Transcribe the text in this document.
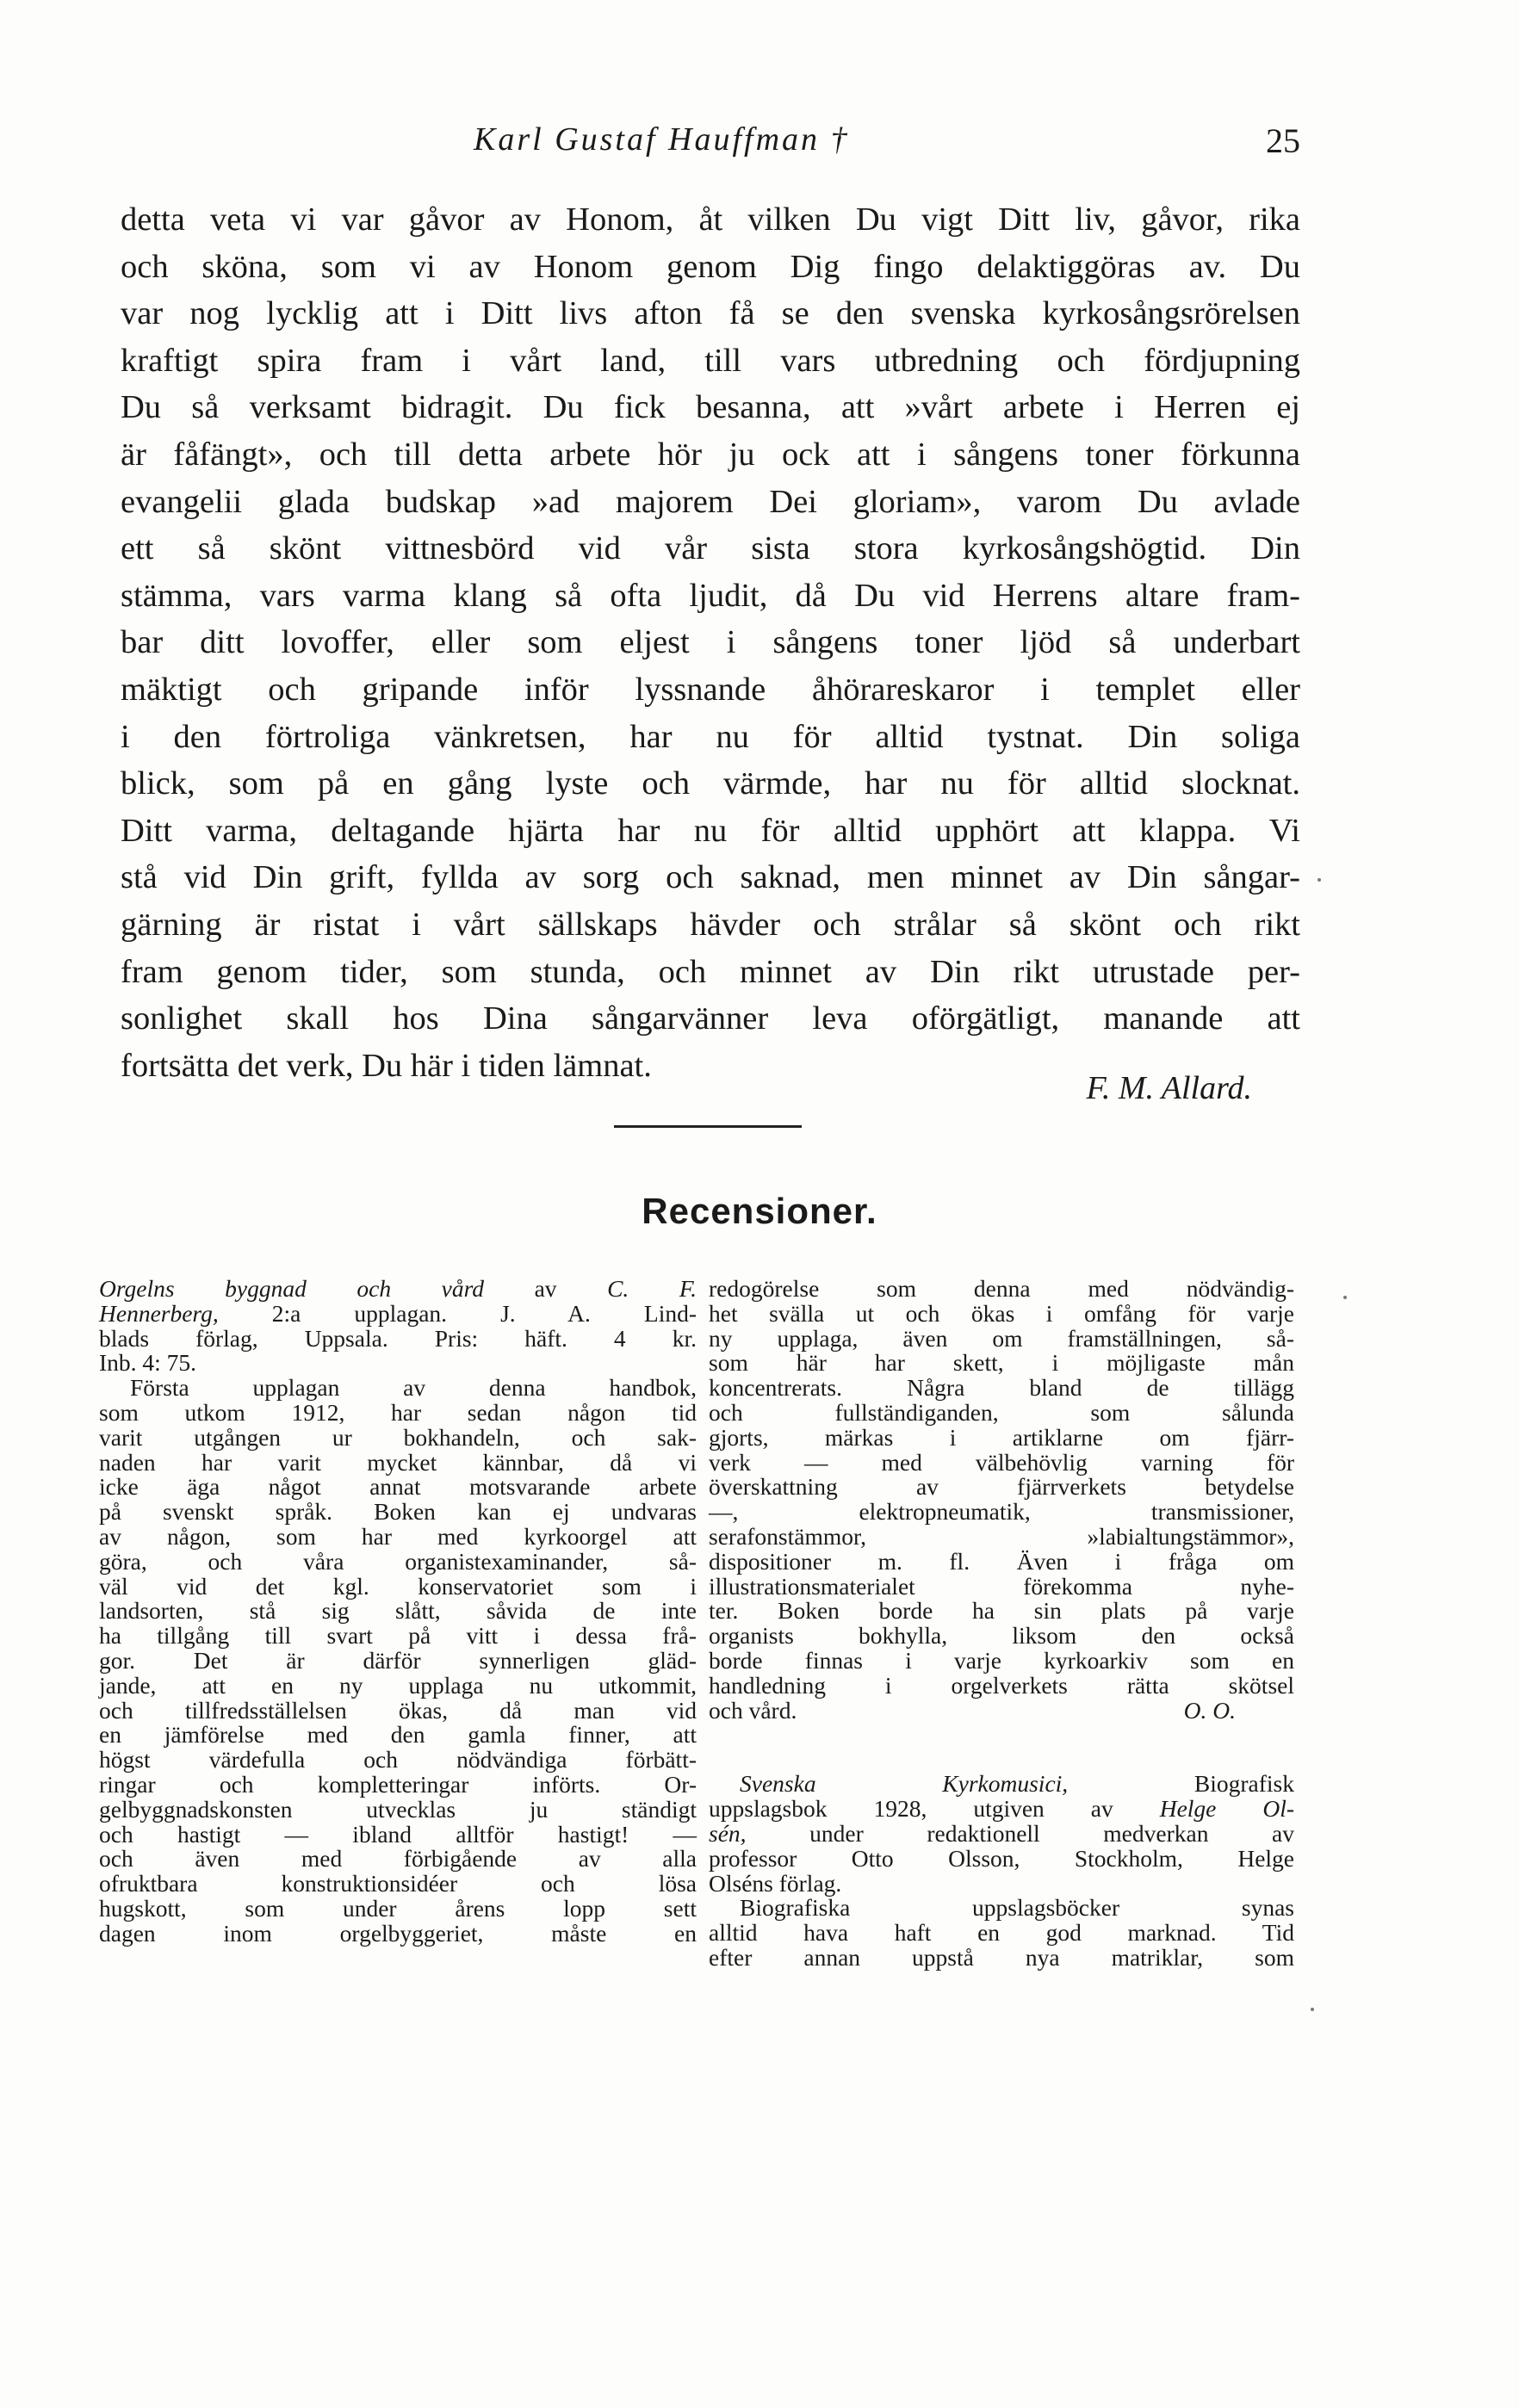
Karl Gustaf Hauffman †	25
detta veta vi var gåvor av Honom, åt vilken Du vigt Ditt liv, gåvor, rika
och sköna, som vi av Honom genom Dig fingo delaktiggöras av. Du
var nog lycklig att i Ditt livs afton få se den svenska kyrkosångsrörelsen
kraftigt spira fram i vårt land, till vars utbredning och fördjupning
Du så verksamt bidragit. Du fick besanna, att »vårt arbete i Herren ej
är fåfängt», och till detta arbete hör ju ock att i sångens toner förkunna
evangelii glada budskap »ad majorem Dei gloriam», varom Du avlade
ett så skönt vittnesbörd vid vår sista stora kyrkosångshögtid. Din
stämma, vars varma klang så ofta ljudit, då Du vid Herrens altare fram-
bar ditt lovoffer, eller som eljest i sångens toner ljöd så underbart
mäktigt och gripande inför lyssnande åhörareskaror i templet eller
i den förtroliga vänkretsen, har nu för alltid tystnat. Din soliga
blick, som på en gång lyste och värmde, har nu för alltid slocknat.
Ditt varma, deltagande hjärta har nu för alltid upphört att klappa. Vi
stå vid Din grift, fyllda av sorg och saknad, men minnet av Din sångar-
gärning är ristat i vårt sällskaps hävder och strålar så skönt och rikt
fram genom tider, som stunda, och minnet av Din rikt utrustade per-
sonlighet skall hos Dina sångarvänner leva oförgätligt, manande att
fortsätta det verk, Du här i tiden lämnat.
F. M. Allard.
Recensioner.
Orgelns byggnad och vård av C. F.
Hennerberg, 2:a upplagan. J. A. Lind-
blads förlag, Uppsala. Pris: häft. 4 kr.
Inb. 4: 75.
Första upplagan av denna handbok,
som utkom 1912, har sedan någon tid
varit utgången ur bokhandeln, och sak-
naden har varit mycket kännbar, då vi
icke äga något annat motsvarande arbete
på svenskt språk. Boken kan ej undvaras
av någon, som har med kyrkoorgel att
göra, och våra organistexaminander, så-
väl vid det kgl. konservatoriet som i
landsorten, stå sig slått, såvida de inte
ha tillgång till svart på vitt i dessa frå-
gor. Det är därför synnerligen gläd-
jande, att en ny upplaga nu utkommit,
och tillfredsställelsen ökas, då man vid
en jämförelse med den gamla finner, att
högst värdefulla och nödvändiga förbätt-
ringar och kompletteringar införts. Or-
gelbyggnadskonsten utvecklas ju ständigt
och hastigt — ibland alltför hastigt! —
och även med förbigående av alla
ofruktbara konstruktionsidéer och lösa
hugskott, som under årens lopp sett
dagen inom orgelbyggeriet, måste en
redogörelse som denna med nödvändig-
het svälla ut och ökas i omfång för varje
ny upplaga, även om framställningen, så-
som här har skett, i möjligaste mån
koncentrerats. Några bland de tillägg
och fullständiganden, som sålunda
gjorts, märkas i artiklarne om fjärr-
verk — med välbehövlig varning för
överskattning av fjärrverkets betydelse
—, elektropneumatik, transmissioner,
serafonstämmor, »labialtungstämmor»,
dispositioner m. fl. Även i fråga om
illustrationsmaterialet förekomma nyhe-
ter. Boken borde ha sin plats på varje
organists bokhylla, liksom den också
borde finnas i varje kyrkoarkiv som en
handledning i orgelverkets rätta skötsel
och vård.	O. O.
Svenska Kyrkomusici, Biografisk
uppslagsbok 1928, utgiven av Helge Ol-
sén, under redaktionell medverkan av
professor Otto Olsson, Stockholm, Helge
Olséns förlag.
Biografiska uppslagsböcker synas
alltid hava haft en god marknad. Tid
efter annan uppstå nya matriklar, som
